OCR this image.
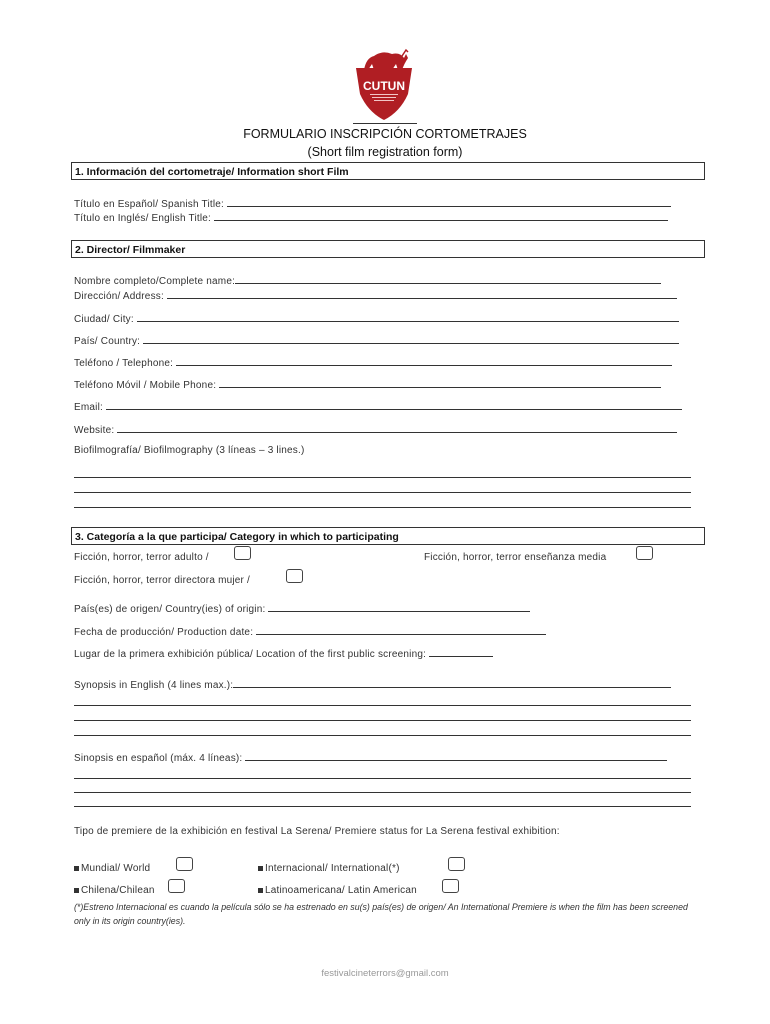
CUTUN
FORMULARIO INSCRIPCIÓN CORTOMETRAJES
(Short film registration form)
1. Información del cortometraje/ Information short Film
Título en Español/ Spanish Title:
Título en Inglés/ English Title:
2. Director/ Filmmaker
Nombre completo/Complete name:
Dirección/ Address:
Ciudad/ City:
País/ Country:
Teléfono / Telephone:
Teléfono Móvil / Mobile Phone:
Email:
Website:
Biofilmografía/ Biofilmography (3 líneas – 3 lines.)
3. Categoría a la que participa/ Category in which to participating
Ficción, horror, terror adulto /	Ficción, horror, terror enseñanza media
Ficción, horror, terror directora mujer /
País(es) de origen/ Country(ies) of origin:
Fecha de producción/ Production date:
Lugar de la primera exhibición pública/ Location of the first public screening:
Synopsis in English (4 lines max.):
Sinopsis en español (máx. 4 líneas):
Tipo de premiere de la exhibición en festival La Serena/ Premiere status for La Serena festival exhibition:
Mundial/ World	Internacional/ International(*)
Chilena/Chilean	Latinoamericana/ Latin American
(*)Estreno Internacional es cuando la película sólo se ha estrenado en su(s) país(es) de origen/ An International Premiere is when the film has been screened only in its origin country(ies).
festivalcineterrors@gmail.com
